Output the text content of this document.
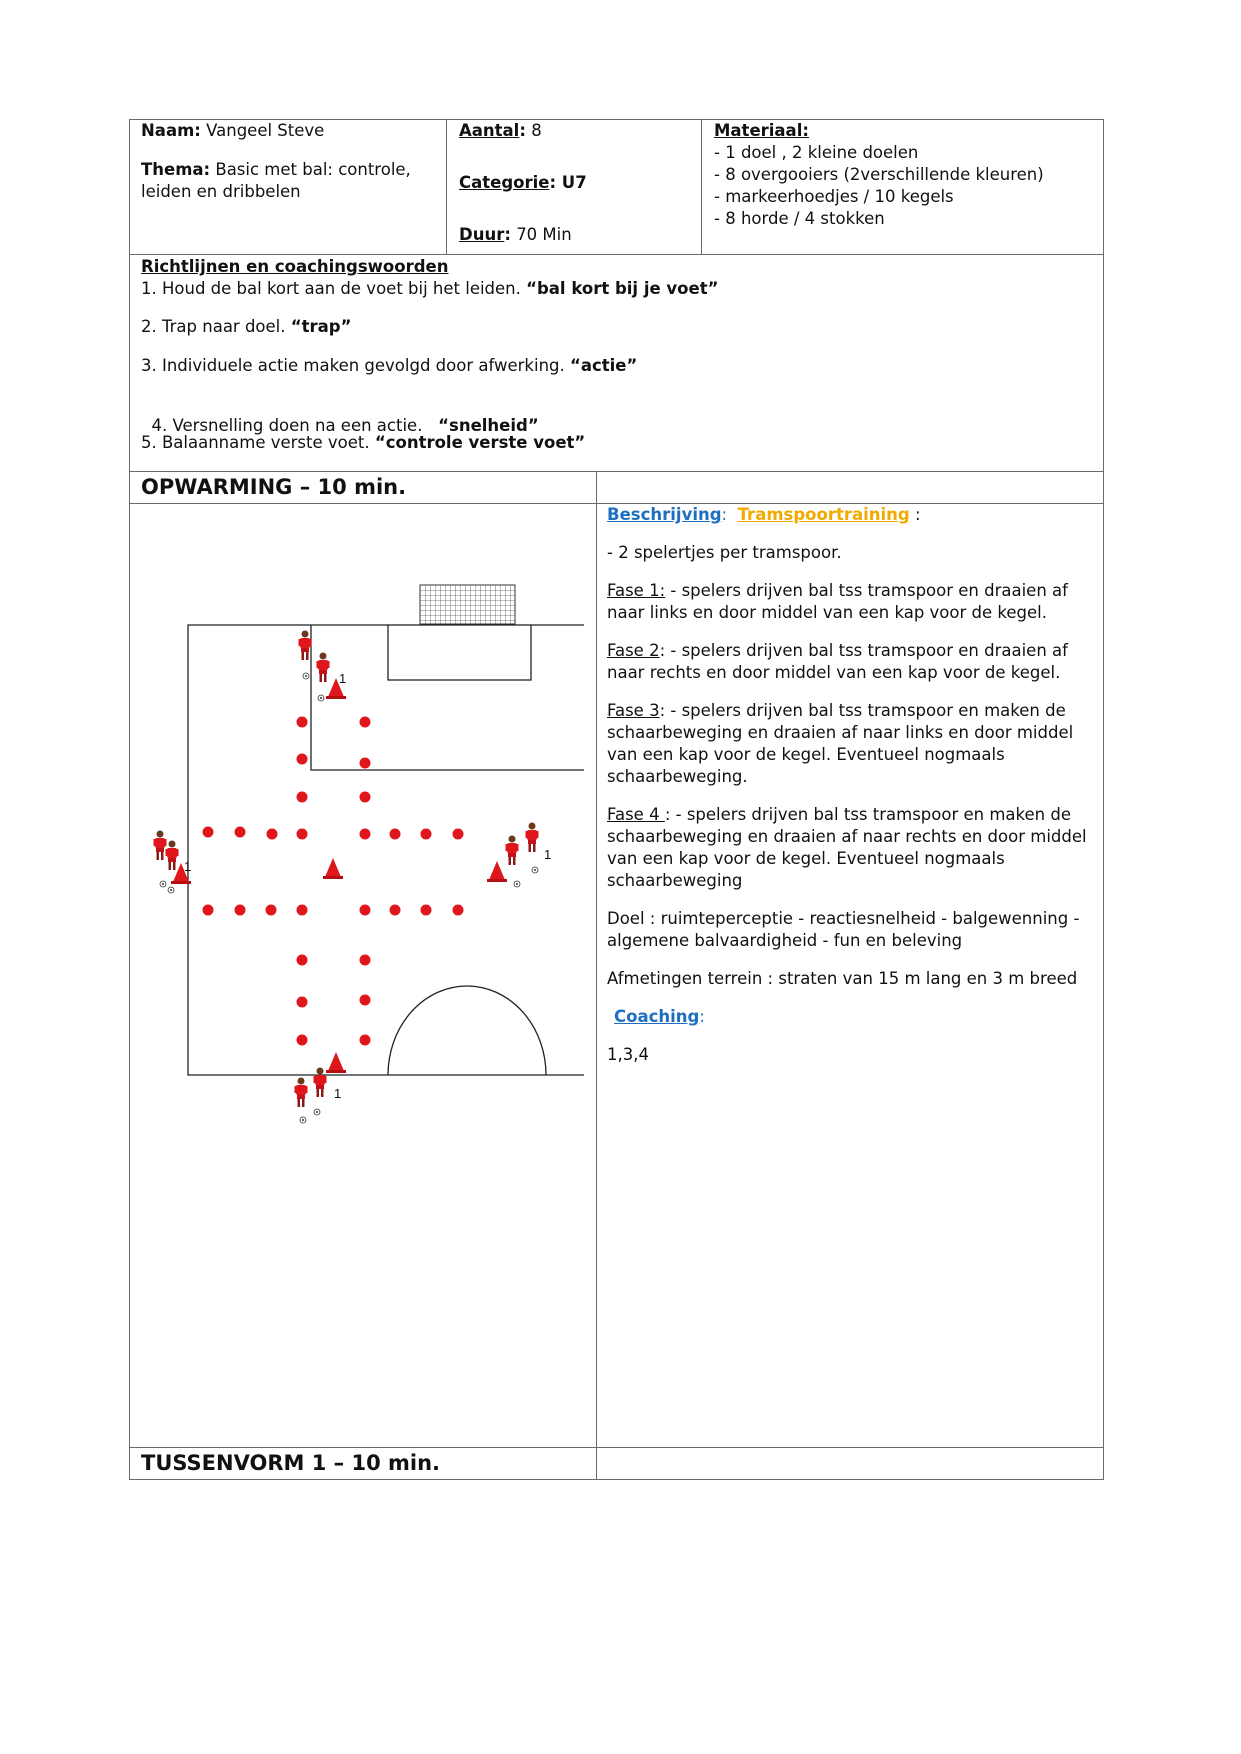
Naam: Vangeel Steve
Thema: Basic met bal: controle,
leiden en dribbelen
Aantal: 8
Categorie: U7
Duur: 70 Min
Materiaal:
- 1 doel , 2 kleine doelen
- 8 overgooiers (2verschillende kleuren)
- markeerhoedjes / 10 kegels
- 8 horde / 4 stokken
Richtlijnen en coachingswoorden
1. Houd de bal kort aan de voet bij het leiden. “bal kort bij je voet”
2. Trap naar doel. “trap”
3. Individuele actie maken gevolgd door afwerking. “actie”

4. Versnelling doen na een actie.   “snelheid”

5. Balaanname verste voet. “controle verste voet”
OPWARMING – 10 min.
1
1
1
1

Beschrijving: Tramspoortraining :

- 2 spelertjes per tramspoor.

Fase 1: - spelers drijven bal tss tramspoor en draaien af naar links en door middel van een kap voor de kegel.

Fase 2: - spelers drijven bal tss tramspoor en draaien af naar rechts en door middel van een kap voor de kegel.

Fase 3: - spelers drijven bal tss tramspoor en maken de schaarbeweging en draaien af naar links en door middel van een kap voor de kegel. Eventueel nogmaals schaarbeweging.

Fase 4 : - spelers drijven bal tss tramspoor en maken de schaarbeweging en draaien af naar rechts en door middel van een kap voor de kegel. Eventueel nogmaals schaarbeweging

Doel : ruimteperceptie - reactiesnelheid - balgewenning - algemene balvaardigheid - fun en beleving

Afmetingen terrein : straten van 15 m lang en 3 m breed

Coaching:

1,3,4

TUSSENVORM 1 – 10 min.
